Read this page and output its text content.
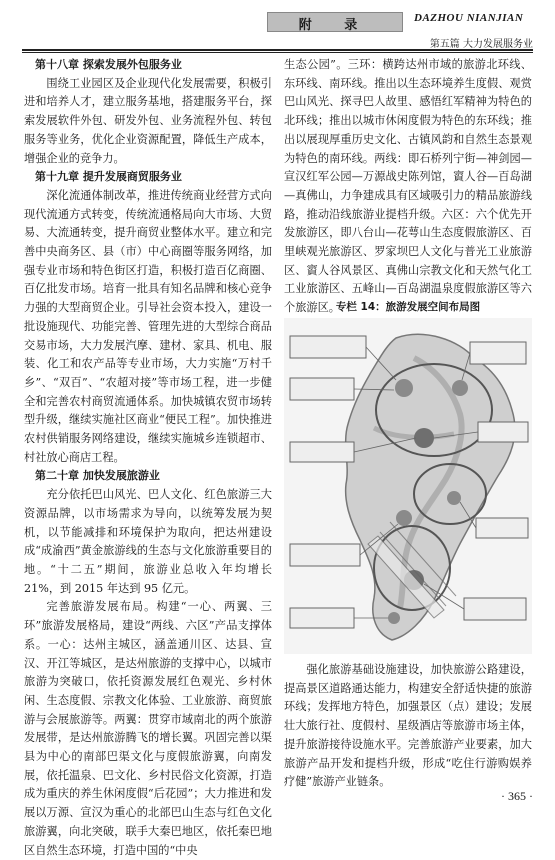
附 录	DAZHOU NIANJIAN
第五篇 大力发展服务业

第十八章 探索发展外包服务业

围绕工业园区及企业现代化发展需要，积极引进和培养人才，建立服务基地，搭建服务平台，探索发展软件外包、研发外包、业务流程外包、转包服务等业务，优化企业资源配置，降低生产成本，增强企业的竞争力。

第十九章 提升发展商贸服务业

深化流通体制改革，推进传统商业经营方式向现代流通方式转变，传统流通格局向大市场、大贸易、大流通转变，提升商贸业整体水平。建立和完善中央商务区、县（市）中心商圈等服务网络，加强专业市场和特色街区打造，积极打造百亿商圈、百亿批发市场。培育一批具有知名品牌和核心竞争力强的大型商贸企业。引导社会资本投入，建设一批设施现代、功能完善、管理先进的大型综合商品交易市场，大力发展汽摩、建材、家具、机电、服装、化工和农产品等专业市场，大力实施“万村千乡”、“双百”、“农超对接”等市场工程，进一步健全和完善农村商贸流通体系。加快城镇农贸市场转型升级，继续实施社区商业“便民工程”。加快推进农村供销服务网络建设，继续实施城乡连锁超市、村社放心商店工程。

第二十章 加快发展旅游业

充分依托巴山风光、巴人文化、红色旅游三大资源品牌，以市场需求为导向，以统筹发展为契机，以节能减排和环境保护为取向，把达州建设成“成渝西”黄金旅游线的生态与文化旅游重要目的地。“十二五”期间，旅游业总收入年均增长 21%，到 2015 年达到 95 亿元。

完善旅游发展布局。构建“一心、两翼、三环”旅游发展格局，建设“两线、六区”产品支撑体系。一心：达州主城区，涵盖通川区、达县、宣汉、开江等城区，是达州旅游的支撑中心，以城市旅游为突破口，依托资源发展红色观光、乡村休闲、生态度假、宗教文化体验、工业旅游、商贸旅游与会展旅游等。两翼：贯穿市域南北的两个旅游发展带，是达州旅游腾飞的增长翼。巩固完善以渠县为中心的南部巴渠文化与度假旅游翼，向南发展，依托温泉、巴文化、乡村民俗文化资源，打造成为重庆的养生休闲度假“后花园”；大力推进和发展以万源、宣汉为重心的北部巴山生态与红色文化旅游翼，向北突破，联手大秦巴地区，依托秦巴地区自然生态环境，打造中国的“中央

生态公园”。三环：横跨达州市域的旅游北环线、东环线、南环线。推出以生态环境养生度假、观赏巴山风光、探寻巴人故里、感悟红军精神为特色的北环线；推出以城市休闲度假为特色的东环线；推出以展现厚重历史文化、古镇风韵和自然生态景观为特色的南环线。两线：即石桥列宁街—神剑园—宣汉红军公园—万源战史陈列馆，賨人谷—百岛湖—真佛山，力争建成具有区域吸引力的精品旅游线路，推动沿线旅游业提档升级。六区：六个优先开发旅游区，即八台山—花萼山生态度假旅游区、百里峡观光旅游区、罗家坝巴人文化与普光工业旅游区、賨人谷风景区、真佛山宗教文化和天然气化工工业旅游区、五峰山—百岛湖温泉度假旅游区等六个旅游区。

专栏 14：旅游发展空间布局图

强化旅游基础设施建设，加快旅游公路建设，提高景区道路通达能力，构建安全舒适快捷的旅游环线；发挥地方特色，加强景区（点）建设；发展壮大旅行社、度假村、星级酒店等旅游市场主体，提升旅游接待设施水平。完善旅游产业要素，加大旅游产品开发和提档升级，形成“吃住行游购娱养疗健”旅游产业链条。

· 365 ·
